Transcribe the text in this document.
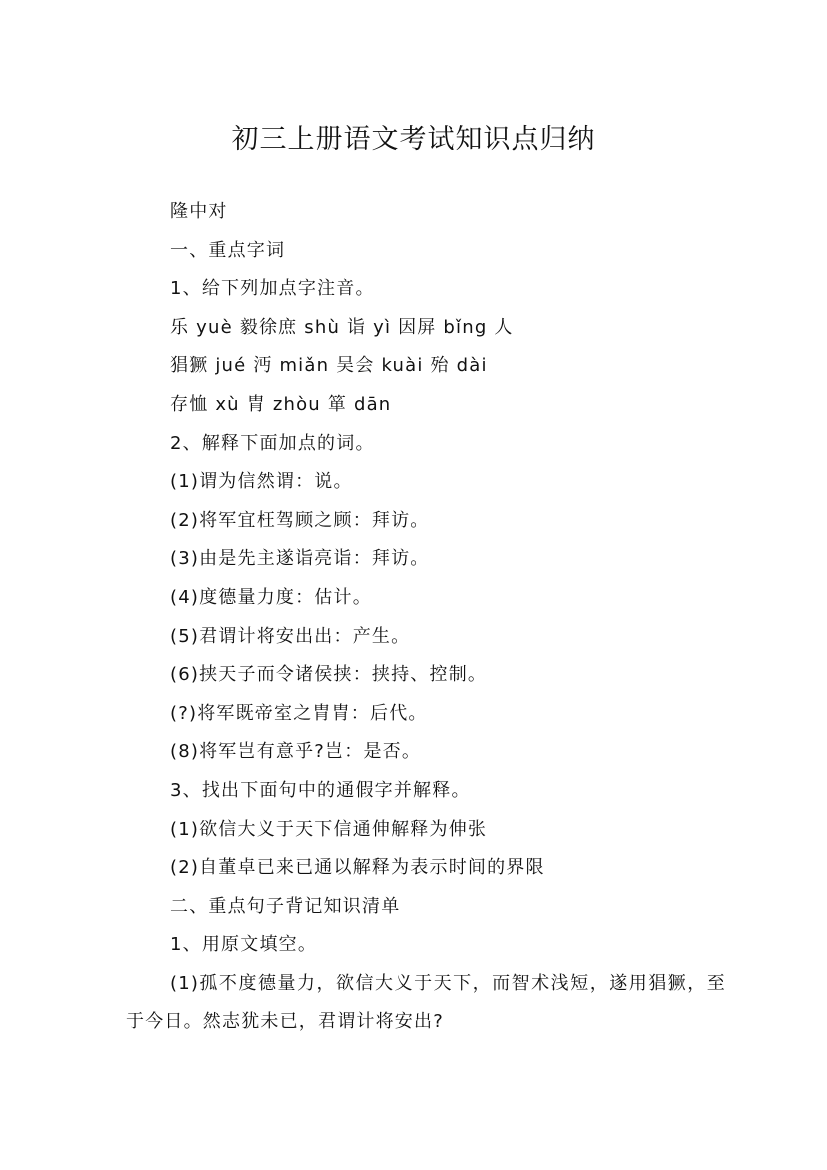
初三上册语文考试知识点归纳

隆中对

一、重点字词

1、给下列加点字注音。

乐 yuè 毅徐庶 shù 诣 yì 因屏 bǐng 人

猖獗 jué 沔 miǎn 吴会 kuài 殆 dài

存恤 xù 胄 zhòu 箪 dān

2、解释下面加点的词。

(1)谓为信然谓：说。

(2)将军宜枉驾顾之顾：拜访。

(3)由是先主遂诣亮诣：拜访。

(4)度德量力度：估计。

(5)君谓计将安出出：产生。

(6)挟天子而令诸侯挟：挟持、控制。

(?)将军既帝室之胄胄：后代。

(8)将军岂有意乎?岂：是否。

3、找出下面句中的通假字并解释。

(1)欲信大义于天下信通伸解释为伸张

(2)自董卓已来已通以解释为表示时间的界限

二、重点句子背记知识清单

1、用原文填空。

(1)孤不度德量力，欲信大义于天下，而智术浅短，遂用猖獗，至于今日。然志犹未已，君谓计将安出?
